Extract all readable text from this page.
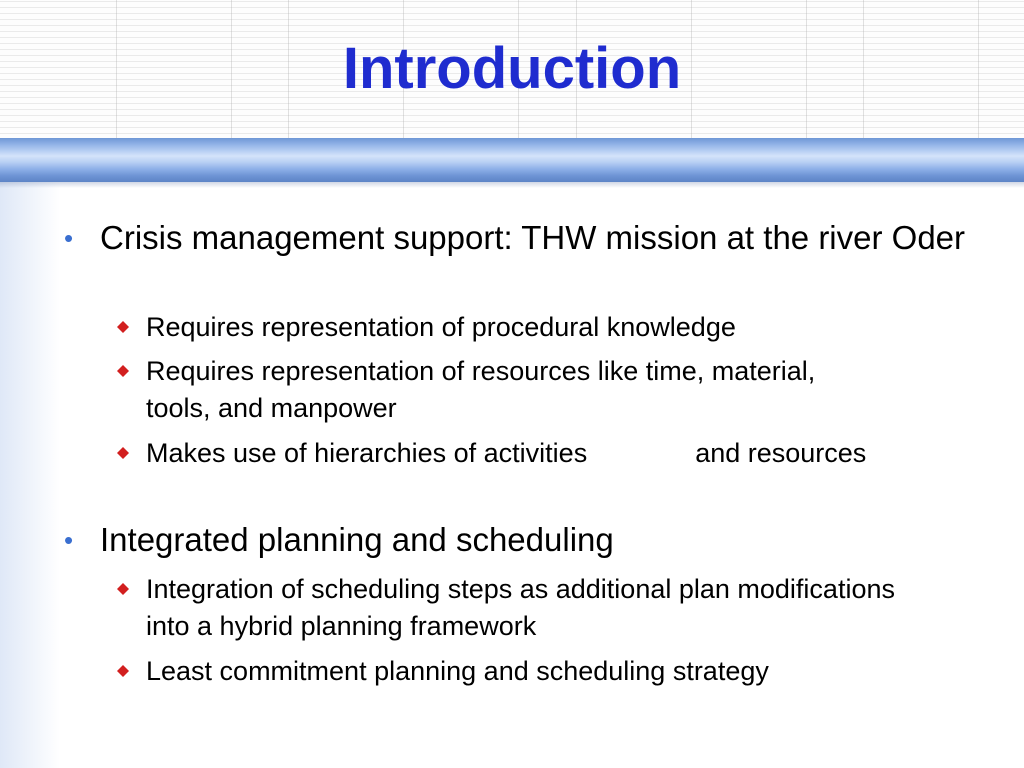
Introduction
• Crisis management support: THW mission at the river Oder
Requires representation of procedural knowledge
Requires representation of resources like time, material, tools, and manpower
Makes use of hierarchies of activities	and resources
• Integrated planning and scheduling
Integration of scheduling steps as additional plan modifications into a hybrid planning framework
Least commitment planning and scheduling strategy
